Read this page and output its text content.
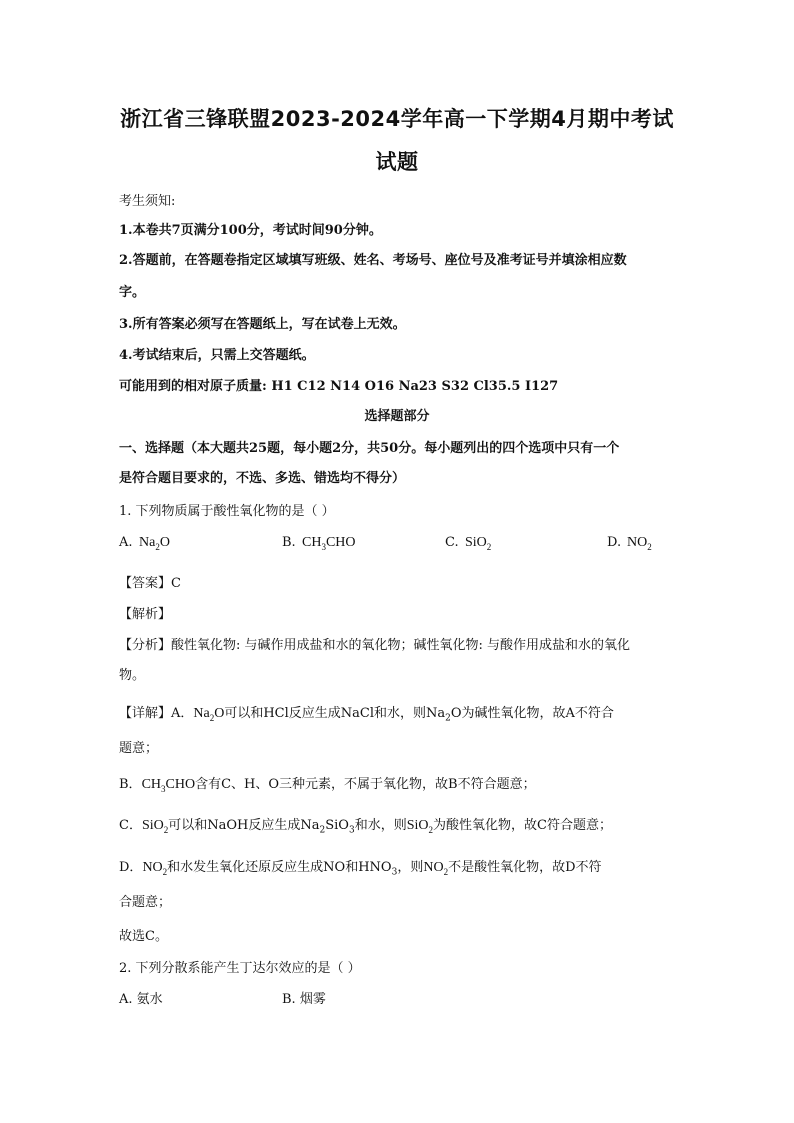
浙江省三锋联盟2023-2024学年高一下学期4月期中考试
试题
考生须知:
1.本卷共7页满分100分，考试时间90分钟。
2.答题前，在答题卷指定区域填写班级、姓名、考场号、座位号及准考证号并填涂相应数
字。
3.所有答案必须写在答题纸上，写在试卷上无效。
4.考试结束后，只需上交答题纸。
可能用到的相对原子质量: H1 C12 N14 O16 Na23 S32 Cl35.5 I127
选择题部分
一、选择题（本大题共25题，每小题2分，共50分。每小题列出的四个选项中只有一个
是符合题目要求的，不选、多选、错选均不得分）
1. 下列物质属于酸性氧化物的是（ ）
A. $Na_2O$	B. $CH_3CHO$	C. SiO$_2$	D. $NO_2$
【答案】C
【解析】
【分析】酸性氧化物: 与碱作用成盐和水的氧化物；碱性氧化物: 与酸作用成盐和水的氧化
物。
【详解】A．$Na_2O$可以和HCl反应生成NaCl和水，则$Na_2O$为碱性氧化物，故A不符合
题意；
B．$CH_3CHO$含有C、H、O三种元素，不属于氧化物，故B不符合题意；
C．SiO$_2$可以和NaOH反应生成$Na_2SiO_3$和水，则SiO$_2$为酸性氧化物，故C符合题意；
D．$NO_2$和水发生氧化还原反应生成NO和$HNO_3$，则$NO_2$不是酸性氧化物，故D不符
合题意；
故选C。
2. 下列分散系能产生丁达尔效应的是（ ）
A. 氨水	B. 烟雾
